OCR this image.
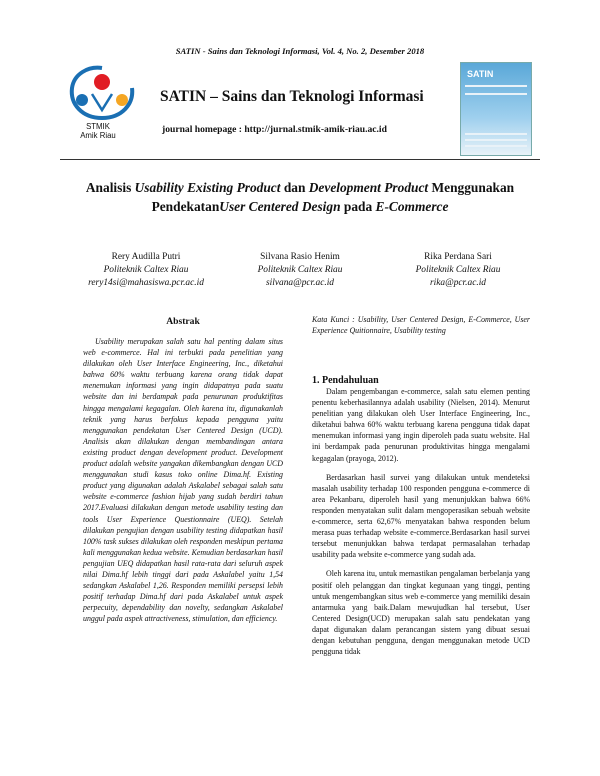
SATIN - Sains dan Teknologi Informasi, Vol. 4, No. 2, Desember 2018
STMIK
Amik Riau
SATIN – Sains dan Teknologi Informasi
journal homepage : http://jurnal.stmik-amik-riau.ac.id
SATIN
Analisis Usability Existing Product dan Development Product Menggunakan
PendekatanUser Centered Design pada E-Commerce
Rery Audilla Putri
Politeknik Caltex Riau
rery14si@mahasiswa.pcr.ac.id
Silvana Rasio Henim
Politeknik Caltex Riau
silvana@pcr.ac.id
Rika Perdana Sari
Politeknik Caltex Riau
rika@pcr.ac.id
Abstrak
Usability merupakan salah satu hal penting dalam situs web e-commerce. Hal ini terbukti pada penelitian yang dilakukan oleh User Interface Engineering, Inc., diketahui bahwa 60% waktu terbuang karena orang tidak dapat menemukan informasi yang ingin didapatnya pada suatu website dan ini berdampak pada penurunan produktifitas hingga mengalami kegagalan. Oleh karena itu, digunakanlah teknik yang harus berfokus kepada pengguna yaitu menggunakan pendekatan User Centered Design (UCD). Analisis akan dilakukan dengan membandingan antara existing product dengan development product. Development product adalah website yangakan dikembangkan dengan UCD menggunakan studi kasus toko online Dima.hf. Existing product yang digunakan adalah Askalabel sebagai salah satu website e-commerce fashion hijab yang sudah berdiri tahun 2017.Evaluasi dilakukan dengan metode usability testing dan tools User Experience Questionnaire (UEQ). Setelah dilakukan pengujian dengan usability testing didapatkan hasil 100% task sukses dilakukan oleh responden meskipun pertama kali menggunakan kedua website. Kemudian berdasarkan hasil pengujian UEQ didapatkan hasil rata-rata dari seluruh aspek nilai Dima.hf lebih tinggi dari pada Askalabel yaitu 1,54 sedangkan Askalabel 1,26. Responden memiliki persepsi lebih positif terhadap Dima.hf dari pada Askalabel untuk aspek perpecuity, dependability dan novelty, sedangkan Askalabel unggul pada aspek attractiveness, stimulation, dan efficiency.
Kata Kunci : Usability, User Centered Design, E-Commerce, User Experience Quitionnaire, Usability testing
1. Pendahuluan

Dalam pengembangan e-commerce, salah satu elemen penting penentu keberhasilannya adalah usability (Nielsen, 2014). Menurut penelitian yang dilakukan oleh User Interface Engineering, Inc., diketahui bahwa 60% waktu terbuang karena pengguna tidak dapat menemukan informasi yang ingin diperoleh pada suatu website. Hal ini berdampak pada penurunan produktivitas hingga mengalami kegagalan (prayoga, 2012).

Berdasarkan hasil survei yang dilakukan untuk mendeteksi masalah usability terhadap 100 responden pengguna e-commerce di area Pekanbaru, diperoleh hasil yang menunjukkan bahwa 66% responden menyatakan sulit dalam mengoperasikan sebuah website e-commerce, serta 62,67% menyatakan bahwa responden belum merasa puas terhadap website e-commerce.Berdasarkan hasil survei tersebut menunjukkan bahwa terdapat permasalahan terhadap usability pada website e-commerce yang sudah ada.

Oleh karena itu, untuk memastikan pengalaman berbelanja yang positif oleh pelanggan dan tingkat kegunaan yang tinggi, penting untuk mengembangkan situs web e-commerce yang memiliki desain antarmuka yang baik.Dalam mewujudkan hal tersebut, User Centered Design(UCD) merupakan salah satu pendekatan yang dapat digunakan dalam perancangan sistem yang dibuat sesuai dengan kebutuhan pengguna, dengan menggunakan metode UCD pengguna tidak
